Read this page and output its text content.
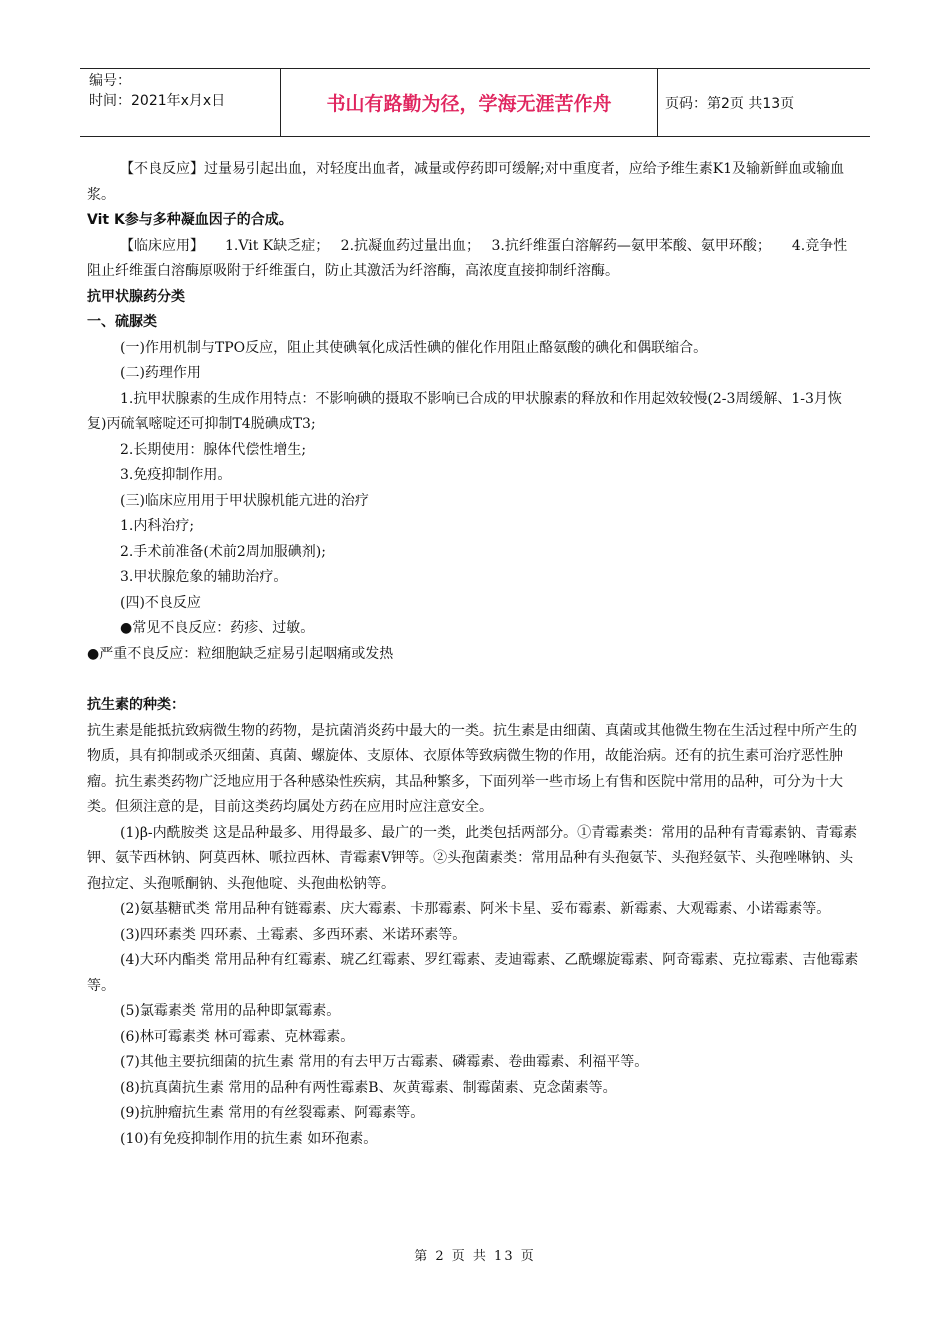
编号：
时间：2021年x月x日	书山有路勤为径，学海无涯苦作舟	页码：第2页 共13页

【不良反应】过量易引起出血，对轻度出血者，减量或停药即可缓解;对中重度者，应给予维生素K1及输新鲜血或输血浆。

Vit K参与多种凝血因子的合成。

【临床应用】　　1.Vit K缺乏症；　 2.抗凝血药过量出血；　 3.抗纤维蛋白溶解药—氨甲苯酸、氨甲环酸；　　4.竞争性阻止纤维蛋白溶酶原吸附于纤维蛋白，防止其激活为纤溶酶，高浓度直接抑制纤溶酶。

抗甲状腺药分类

一、硫脲类

(一)作用机制与TPO反应，阻止其使碘氧化成活性碘的催化作用阻止酪氨酸的碘化和偶联缩合。

(二)药理作用

1.抗甲状腺素的生成作用特点：不影响碘的摄取不影响已合成的甲状腺素的释放和作用起效较慢(2-3周缓解、1-3月恢复)丙硫氧嘧啶还可抑制T4脱碘成T3;

2.长期使用：腺体代偿性增生;

3.免疫抑制作用。

(三)临床应用用于甲状腺机能亢进的治疗

1.内科治疗;

2.手术前准备(术前2周加服碘剂);

3.甲状腺危象的辅助治疗。

(四)不良反应

●常见不良反应：药疹、过敏。

●严重不良反应：粒细胞缺乏症易引起咽痛或发热

抗生素的种类：

抗生素是能抵抗致病微生物的药物，是抗菌消炎药中最大的一类。抗生素是由细菌、真菌或其他微生物在生活过程中所产生的物质，具有抑制或杀灭细菌、真菌、螺旋体、支原体、衣原体等致病微生物的作用，故能治病。还有的抗生素可治疗恶性肿瘤。抗生素类药物广泛地应用于各种感染性疾病，其品种繁多，下面列举一些市场上有售和医院中常用的品种，可分为十大类。但须注意的是，目前这类药均属处方药在应用时应注意安全。

(1)β-内酰胺类 这是品种最多、用得最多、最广的一类，此类包括两部分。①青霉素类：常用的品种有青霉素钠、青霉素钾、氨苄西林钠、阿莫西林、哌拉西林、青霉素V钾等。②头孢菌素类：常用品种有头孢氨苄、头孢羟氨苄、头孢唑啉钠、头孢拉定、头孢哌酮钠、头孢他啶、头孢曲松钠等。

(2)氨基糖甙类 常用品种有链霉素、庆大霉素、卡那霉素、阿米卡星、妥布霉素、新霉素、大观霉素、小诺霉素等。

(3)四环素类 四环素、土霉素、多西环素、米诺环素等。

(4)大环内酯类 常用品种有红霉素、琥乙红霉素、罗红霉素、麦迪霉素、乙酰螺旋霉素、阿奇霉素、克拉霉素、吉他霉素等。

(5)氯霉素类 常用的品种即氯霉素。

(6)林可霉素类 林可霉素、克林霉素。

(7)其他主要抗细菌的抗生素 常用的有去甲万古霉素、磷霉素、卷曲霉素、利福平等。

(8)抗真菌抗生素 常用的品种有两性霉素B、灰黄霉素、制霉菌素、克念菌素等。

(9)抗肿瘤抗生素 常用的有丝裂霉素、阿霉素等。

(10)有免疫抑制作用的抗生素 如环孢素。

第 2 页 共 13 页
